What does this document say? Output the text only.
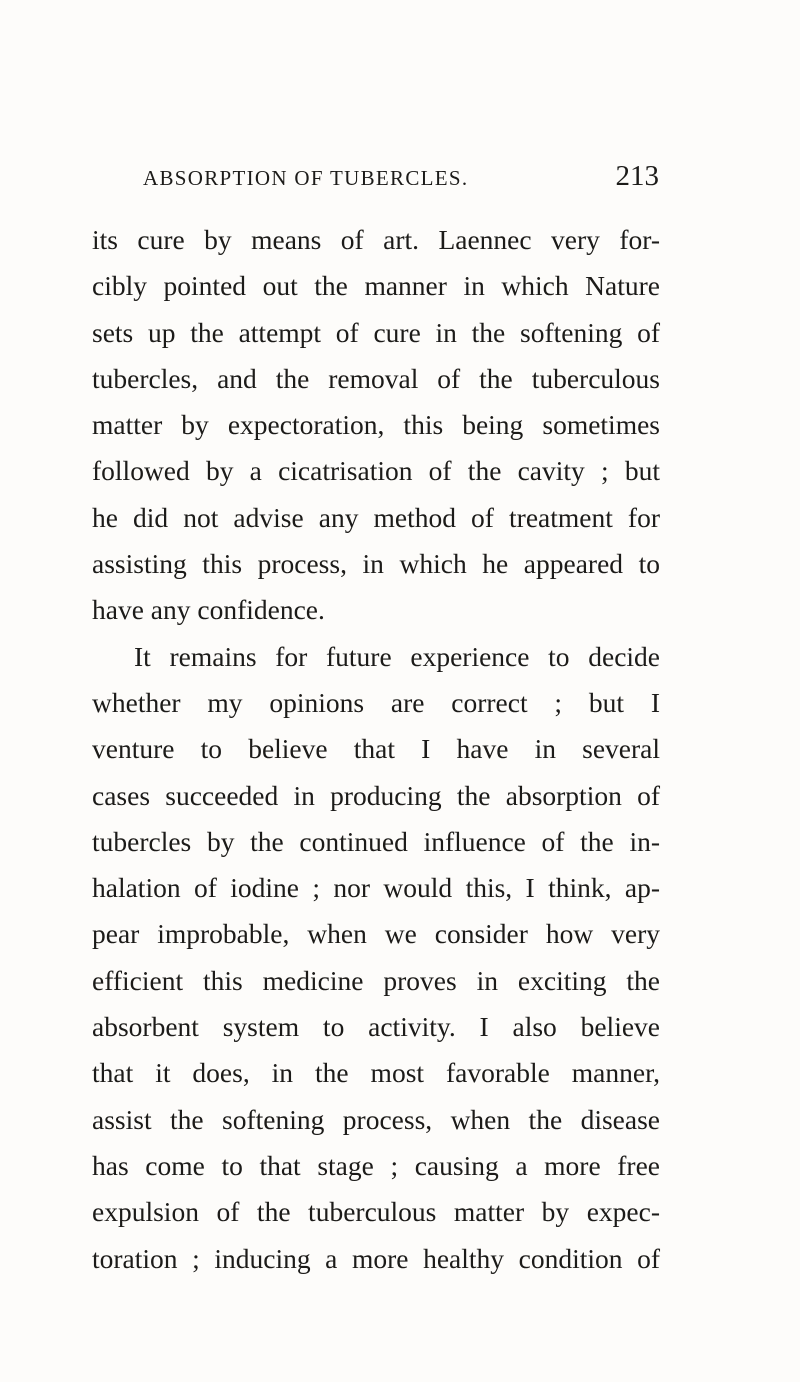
ABSORPTION OF TUBERCLES.	213
its cure by means of art. Laennec very for-
cibly pointed out the manner in which Nature
sets up the attempt of cure in the softening of
tubercles, and the removal of the tuberculous
matter by expectoration, this being sometimes
followed by a cicatrisation of the cavity ; but
he did not advise any method of treatment for
assisting this process, in which he appeared to
have any confidence.
It remains for future experience to decide
whether my opinions are correct ; but I
venture to believe that I have in several
cases succeeded in producing the absorption of
tubercles by the continued influence of the in-
halation of iodine ; nor would this, I think, ap-
pear improbable, when we consider how very
efficient this medicine proves in exciting the
absorbent system to activity. I also believe
that it does, in the most favorable manner,
assist the softening process, when the disease
has come to that stage ; causing a more free
expulsion of the tuberculous matter by expec-
toration ; inducing a more healthy condition of
